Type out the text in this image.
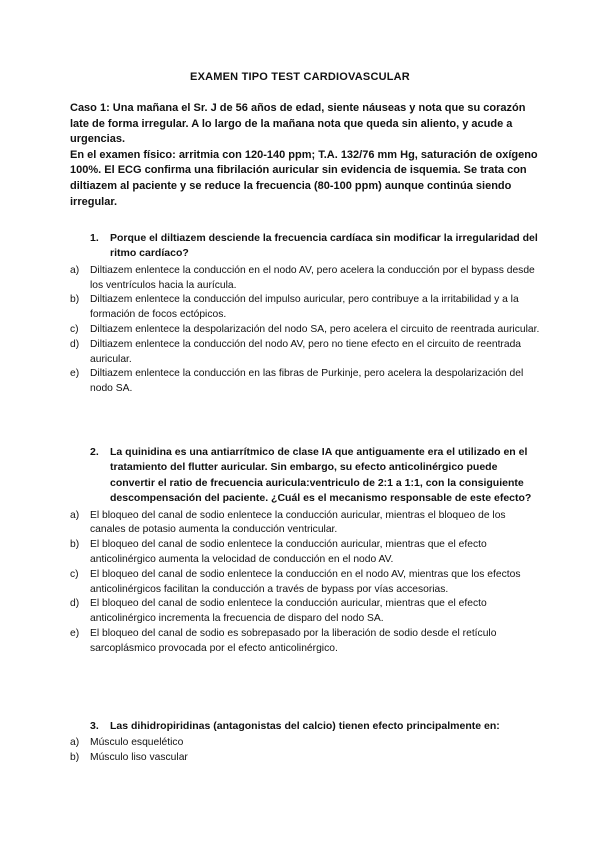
EXAMEN TIPO TEST CARDIOVASCULAR

Caso 1: Una mañana el Sr. J de 56 años de edad, siente náuseas y nota que su corazón late de forma irregular. A lo largo de la mañana nota que queda sin aliento, y acude a urgencias.

En el examen físico: arritmia con 120-140 ppm; T.A. 132/76 mm Hg, saturación de oxígeno 100%. El ECG confirma una fibrilación auricular sin evidencia de isquemia. Se trata con diltiazem al paciente y se reduce la frecuencia (80-100 ppm) aunque continúa siendo irregular.

1.	Porque el diltiazem desciende la frecuencia cardíaca sin modificar la irregularidad del ritmo cardíaco?
a)	Diltiazem enlentece la conducción en el nodo AV, pero acelera la conducción por el bypass desde los ventrículos hacia la aurícula.
b)	Diltiazem enlentece la conducción del impulso auricular, pero contribuye a la irritabilidad y a la formación de focos ectópicos.
c)	Diltiazem enlentece la despolarización del nodo SA, pero acelera el circuito de reentrada auricular.
d)	Diltiazem enlentece la conducción del nodo AV, pero no tiene efecto en el circuito de reentrada auricular.
e)	Diltiazem enlentece la conducción en las fibras de Purkinje, pero acelera la despolarización del nodo SA.
2.	La quinidina es una antiarrítmico de clase IA que antiguamente era el utilizado en el tratamiento del flutter auricular. Sin embargo, su efecto anticolinérgico puede convertir el ratio de frecuencia auricula:ventriculo de 2:1 a 1:1, con la consiguiente descompensación del paciente. ¿Cuál es el mecanismo responsable de este efecto?
a)	El bloqueo del canal de sodio enlentece la conducción auricular, mientras el bloqueo de los canales de potasio aumenta la conducción ventricular.
b)	El bloqueo del canal de sodio enlentece la conducción auricular, mientras que el efecto anticolinérgico aumenta la velocidad de conducción en el nodo AV.
c)	El bloqueo del canal de sodio enlentece la conducción en el nodo AV, mientras que los efectos anticolinérgicos facilitan la conducción a través de bypass por vías accesorias.
d)	El bloqueo del canal de sodio enlentece la conducción auricular, mientras que el efecto anticolinérgico incrementa la frecuencia de disparo del nodo SA.
e)	El bloqueo del canal de sodio es sobrepasado por la liberación de sodio desde el retículo sarcoplásmico provocada por el efecto anticolinérgico.
3.	Las dihidropiridinas (antagonistas del calcio) tienen efecto principalmente en:
a)	Músculo esquelético
b)	Músculo liso vascular
